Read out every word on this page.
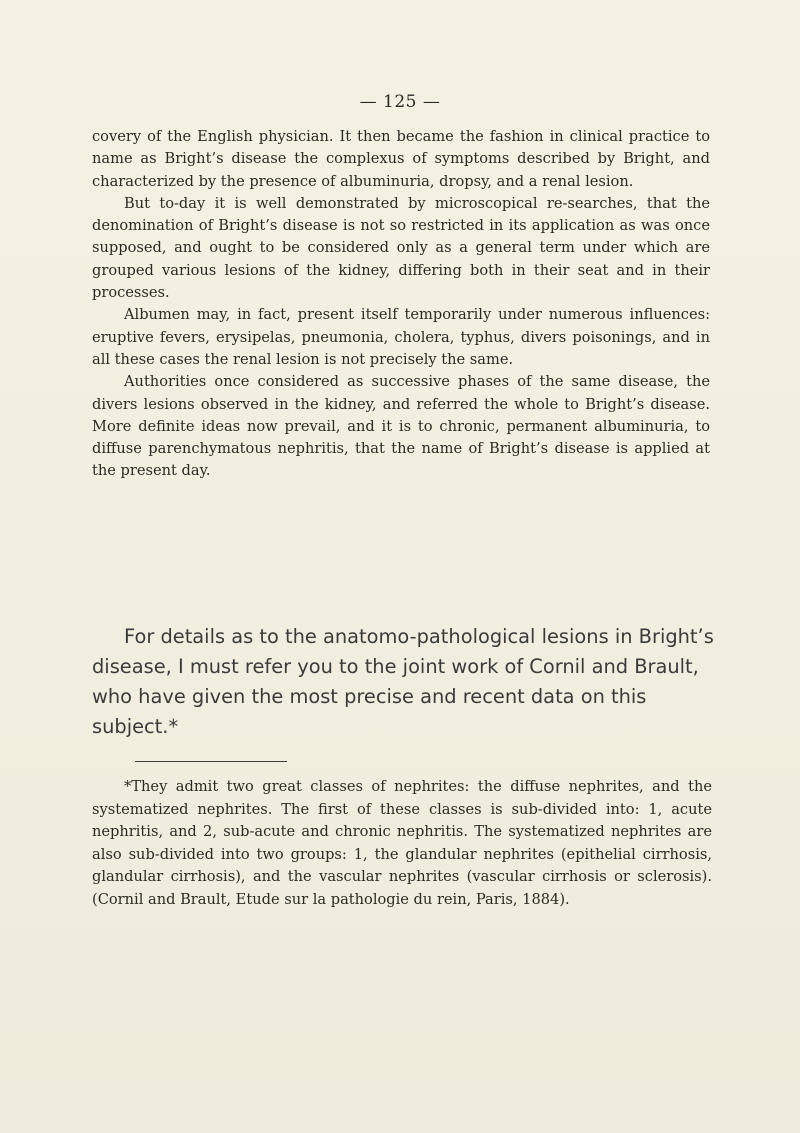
— 125 —

covery of the English physician. It then became the fashion in clinical practice to name as Bright’s disease the complexus of symptoms described by Bright, and characterized by the presence of albuminuria, dropsy, and a renal lesion.

But to-day it is well demonstrated by microscopical re-searches, that the denomination of Bright’s disease is not so restricted in its application as was once supposed, and ought to be considered only as a general term under which are grouped various lesions of the kidney, differing both in their seat and in their processes.

Albumen may, in fact, present itself temporarily under numerous influences: eruptive fevers, erysipelas, pneumonia, cholera, typhus, divers poisonings, and in all these cases the renal lesion is not precisely the same.

Authorities once considered as successive phases of the same disease, the divers lesions observed in the kidney, and referred the whole to Bright’s disease. More definite ideas now prevail, and it is to chronic, permanent albuminuria, to diffuse parenchymatous nephritis, that the name of Bright’s disease is applied at the present day.

For details as to the anatomo-pathological lesions in Bright’s disease, I must refer you to the joint work of Cornil and Brault, who have given the most precise and recent data on this subject.*

*They admit two great classes of nephrites: the diffuse nephrites, and the systematized nephrites. The first of these classes is sub-divided into: 1, acute nephritis, and 2, sub-acute and chronic nephritis. The systematized nephrites are also sub-divided into two groups: 1, the glandular nephrites (epithelial cirrhosis, glandular cirrhosis), and the vascular nephrites (vascular cirrhosis or sclerosis). (Cornil and Brault, Etude sur la pathologie du rein, Paris, 1884).
